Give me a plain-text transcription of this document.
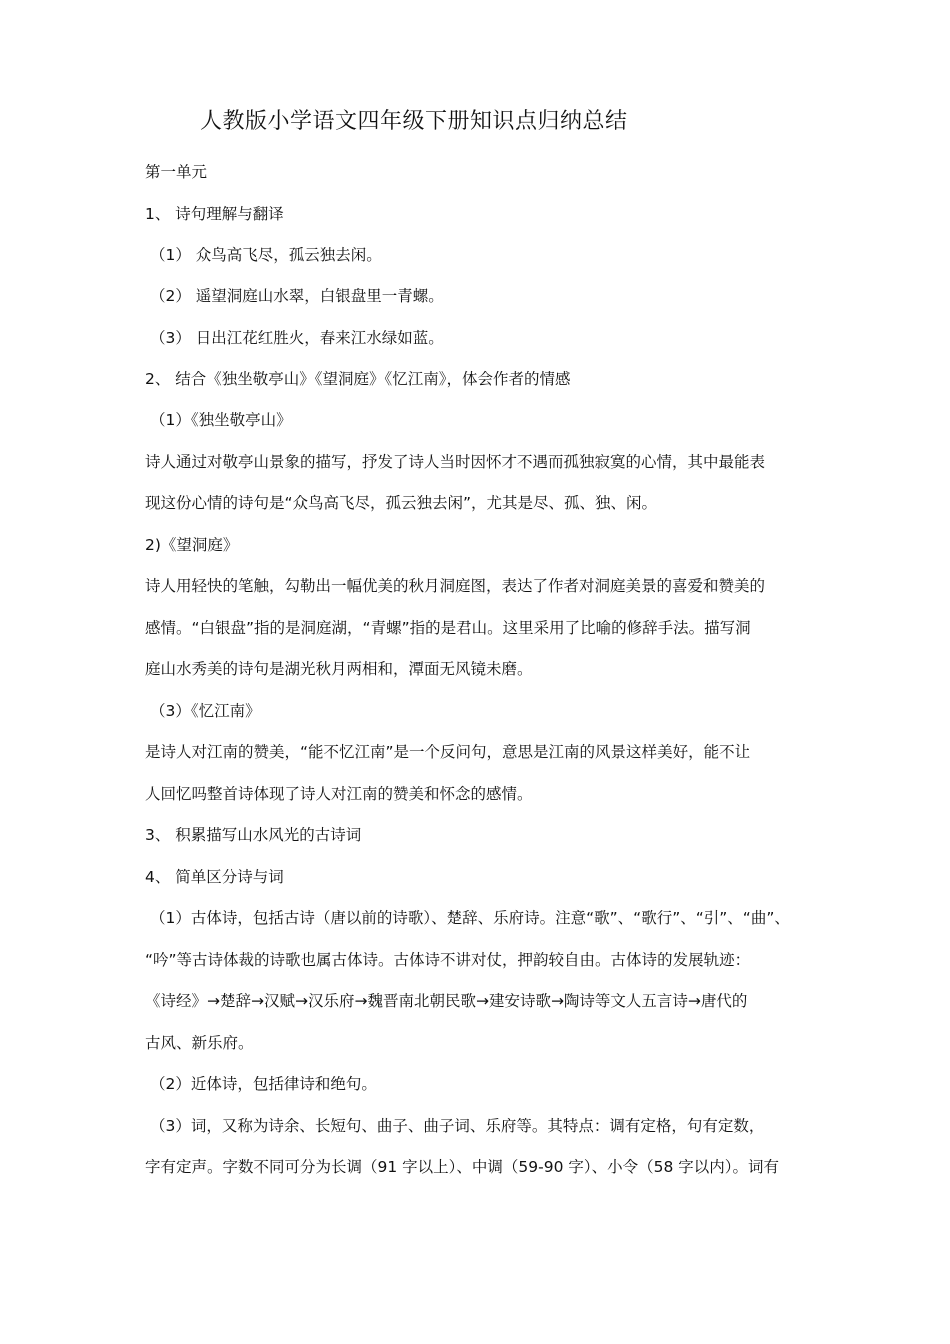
人教版小学语文四年级下册知识点归纳总结
第一单元
1、 诗句理解与翻译
（1） 众鸟高飞尽，孤云独去闲。
（2） 遥望洞庭山水翠，白银盘里一青螺。
（3） 日出江花红胜火，春来江水绿如蓝。
2、 结合《独坐敬亭山》《望洞庭》《忆江南》，体会作者的情感
（1）《独坐敬亭山》
诗人通过对敬亭山景象的描写，抒发了诗人当时因怀才不遇而孤独寂寞的心情，其中最能表
现这份心情的诗句是“众鸟高飞尽，孤云独去闲”，尤其是尽、孤、独、闲。
2)《望洞庭》
诗人用轻快的笔触，勾勒出一幅优美的秋月洞庭图，表达了作者对洞庭美景的喜爱和赞美的
感情。“白银盘”指的是洞庭湖，“青螺”指的是君山。这里采用了比喻的修辞手法。描写洞
庭山水秀美的诗句是湖光秋月两相和，潭面无风镜未磨。
（3）《忆江南》
是诗人对江南的赞美，“能不忆江南”是一个反问句，意思是江南的风景这样美好，能不让
人回忆吗整首诗体现了诗人对江南的赞美和怀念的感情。
3、 积累描写山水风光的古诗词
4、 简单区分诗与词
（1）古体诗，包括古诗（唐以前的诗歌）、楚辞、乐府诗。注意“歌”、“歌行”、“引”、“曲”、
“吟”等古诗体裁的诗歌也属古体诗。古体诗不讲对仗，押韵较自由。古体诗的发展轨迹：
《诗经》→楚辞→汉赋→汉乐府→魏晋南北朝民歌→建安诗歌→陶诗等文人五言诗→唐代的
古风、新乐府。
（2）近体诗，包括律诗和绝句。
（3）词，又称为诗余、长短句、曲子、曲子词、乐府等。其特点：调有定格，句有定数，
字有定声。字数不同可分为长调（91 字以上）、中调（59-90 字）、小令（58 字以内）。词有
